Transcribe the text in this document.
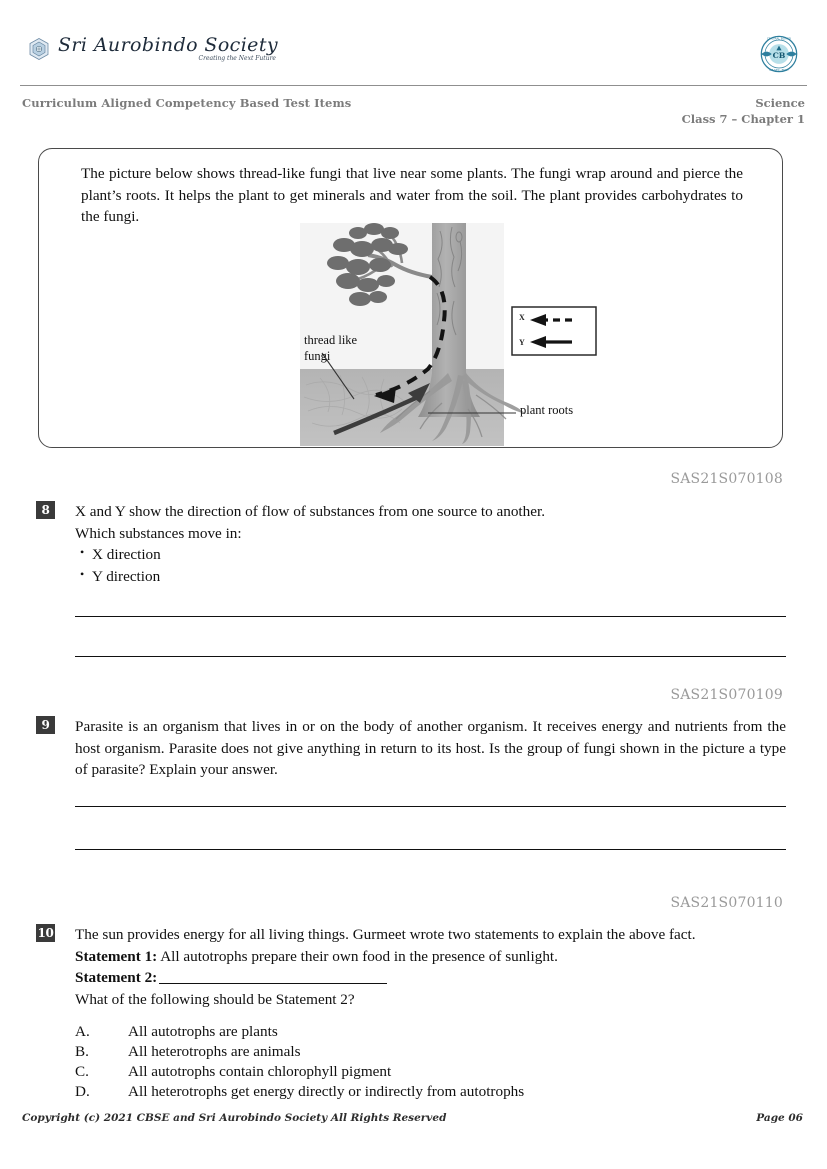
Sri Aurobindo Society
Creating the Next Future	CB
CENTRAL BOARD
OF SEC. EDU.
Curriculum Aligned Competency Based Test Items	Science
Class 7 – Chapter 1
The picture below shows thread-like fungi that live near some plants. The fungi wrap around and pierce the plant’s roots. It helps the plant to get minerals and water from the soil. The plant provides carbohydrates to the fungi.
thread like fungi
plant roots
X
Y
SAS21S070108
8	X and Y show the direction of flow of substances from one source to another.
Which substances move in:
• X direction
• Y direction
SAS21S070109
9	Parasite is an organism that lives in or on the body of another organism. It receives energy and nutrients from the host organism. Parasite does not give anything in return to its host. Is the group of fungi shown in the picture a type of parasite? Explain your answer.
SAS21S070110
10 The sun provides energy for all living things. Gurmeet wrote two statements to explain the above fact.
Statement 1: All autotrophs prepare their own food in the presence of sunlight.
Statement 2:
What of the following should be Statement 2?
A.	All autotrophs are plants
B.	All heterotrophs are animals
C.	All autotrophs contain chlorophyll pigment
D.	All heterotrophs get energy directly or indirectly from autotrophs
Copyright (c) 2021 CBSE and Sri Aurobindo Society All Rights Reserved	Page 06
